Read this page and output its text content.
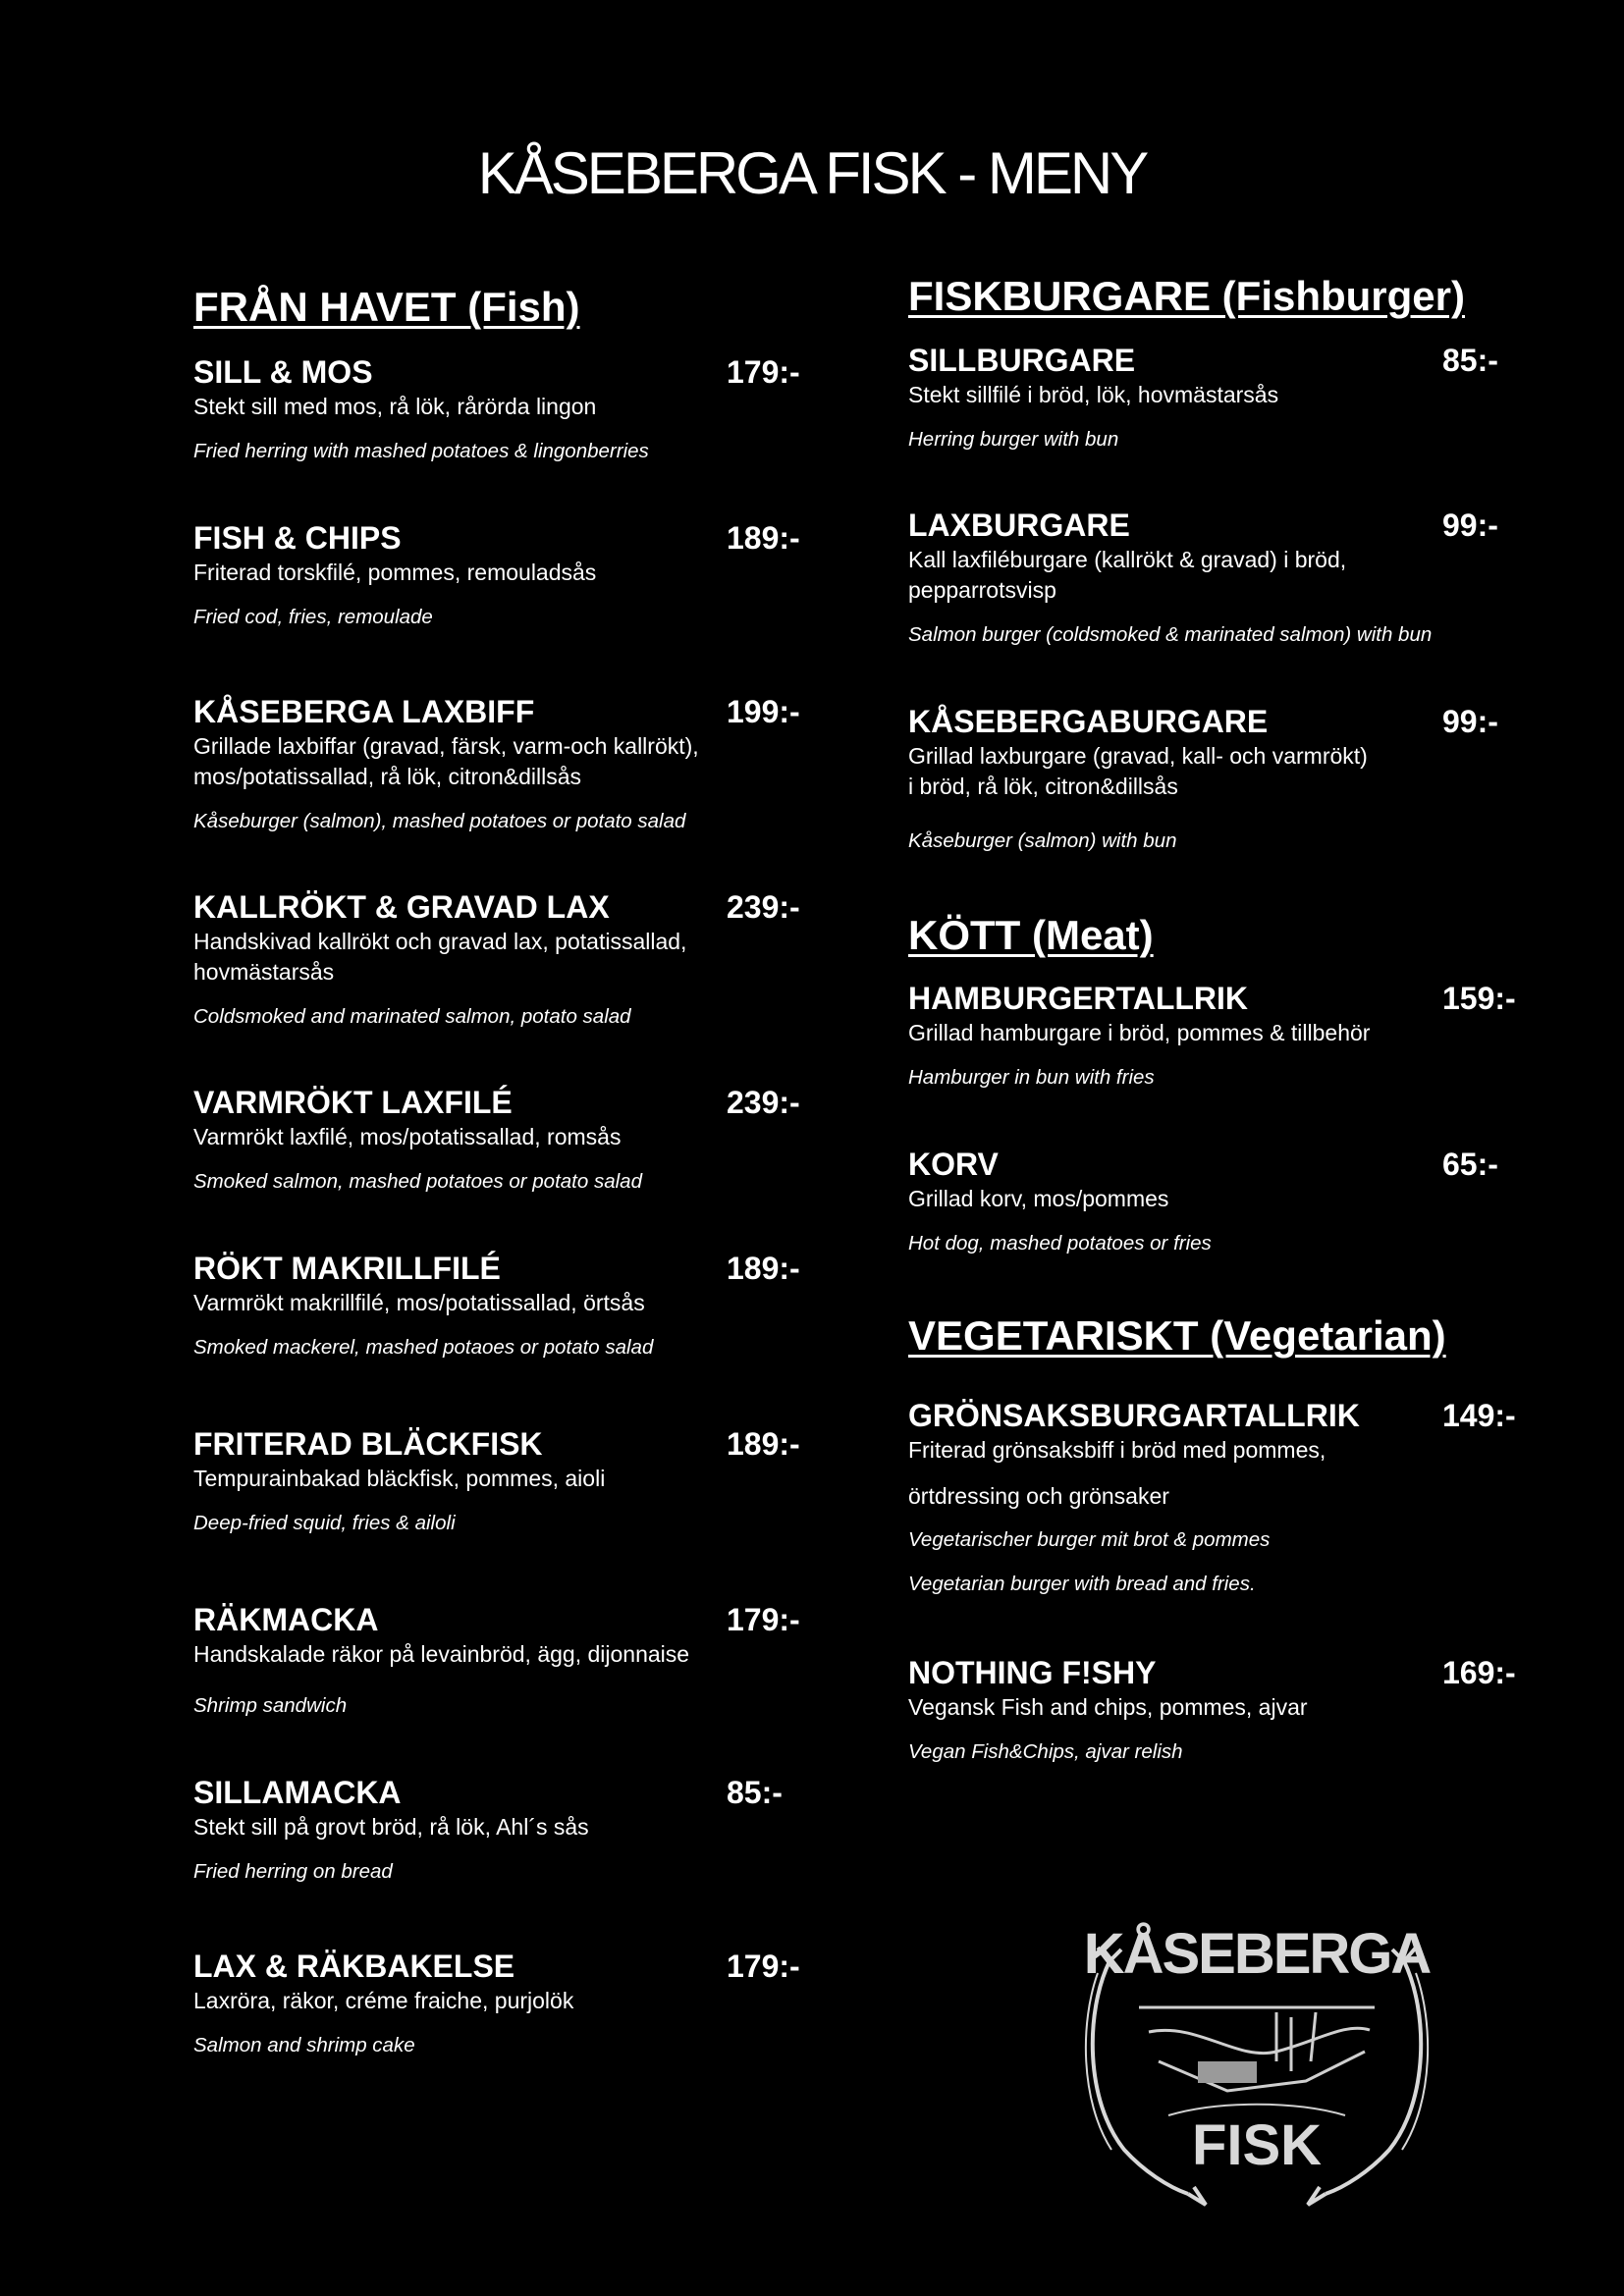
KÅSEBERGA FISK - MENY
FRÅN HAVET (Fish)
SILL & MOS	179:-
Stekt sill med mos, rå lök, rårörda lingon
Fried herring with mashed potatoes & lingonberries
FISH & CHIPS	189:-
Friterad torskfilé, pommes, remouladsås
Fried cod, fries, remoulade
KÅSEBERGA LAXBIFF	199:-
Grillade laxbiffar (gravad, färsk, varm-och kallrökt),
mos/potatissallad, rå lök, citron&dillsås
Kåseburger (salmon), mashed potatoes or potato salad
KALLRÖKT & GRAVAD LAX	239:-
Handskivad kallrökt och gravad lax, potatissallad,
hovmästarsås
Coldsmoked and marinated salmon, potato salad
VARMRÖKT LAXFILÉ	239:-
Varmrökt laxfilé, mos/potatissallad, romsås
Smoked salmon, mashed potatoes or potato salad
RÖKT MAKRILLFILÉ	189:-
Varmrökt makrillfilé, mos/potatissallad, örtsås
Smoked mackerel, mashed potaoes or potato salad
FRITERAD BLÄCKFISK	189:-
Tempurainbakad bläckfisk, pommes, aioli
Deep-fried squid, fries & ailoli
RÄKMACKA	179:-
Handskalade räkor på levainbröd, ägg, dijonnaise
Shrimp sandwich
SILLAMACKA	85:-
Stekt sill på grovt bröd, rå lök, Ahl´s sås
Fried herring on bread
LAX & RÄKBAKELSE	179:-
Laxröra, räkor, créme fraiche, purjolök
Salmon and shrimp cake
FISKBURGARE (Fishburger)
SILLBURGARE	85:-
Stekt sillfilé i bröd, lök, hovmästarsås
Herring burger with bun
LAXBURGARE	99:-
Kall laxfiléburgare (kallrökt & gravad) i bröd,
pepparrotsvisp
Salmon burger (coldsmoked & marinated salmon) with bun
KÅSEBERGABURGARE	99:-
Grillad laxburgare (gravad, kall- och varmrökt)
i bröd, rå lök, citron&dillsås
Kåseburger (salmon) with bun
KÖTT (Meat)
HAMBURGERTALLRIK	159:-
Grillad hamburgare i bröd, pommes & tillbehör
Hamburger in bun with fries
KORV	65:-
Grillad korv, mos/pommes
Hot dog, mashed potatoes or fries
VEGETARISKT (Vegetarian)
GRÖNSAKSBURGARTALLRIK	149:-
Friterad grönsaksbiff i bröd med pommes,
örtdressing och grönsaker
Vegetarischer burger mit brot & pommes
Vegetarian burger with bread and fries.
NOTHING F!SHY	169:-
Vegansk Fish and chips, pommes, ajvar
Vegan Fish&Chips, ajvar relish
KÅSEBERGA
FISK
